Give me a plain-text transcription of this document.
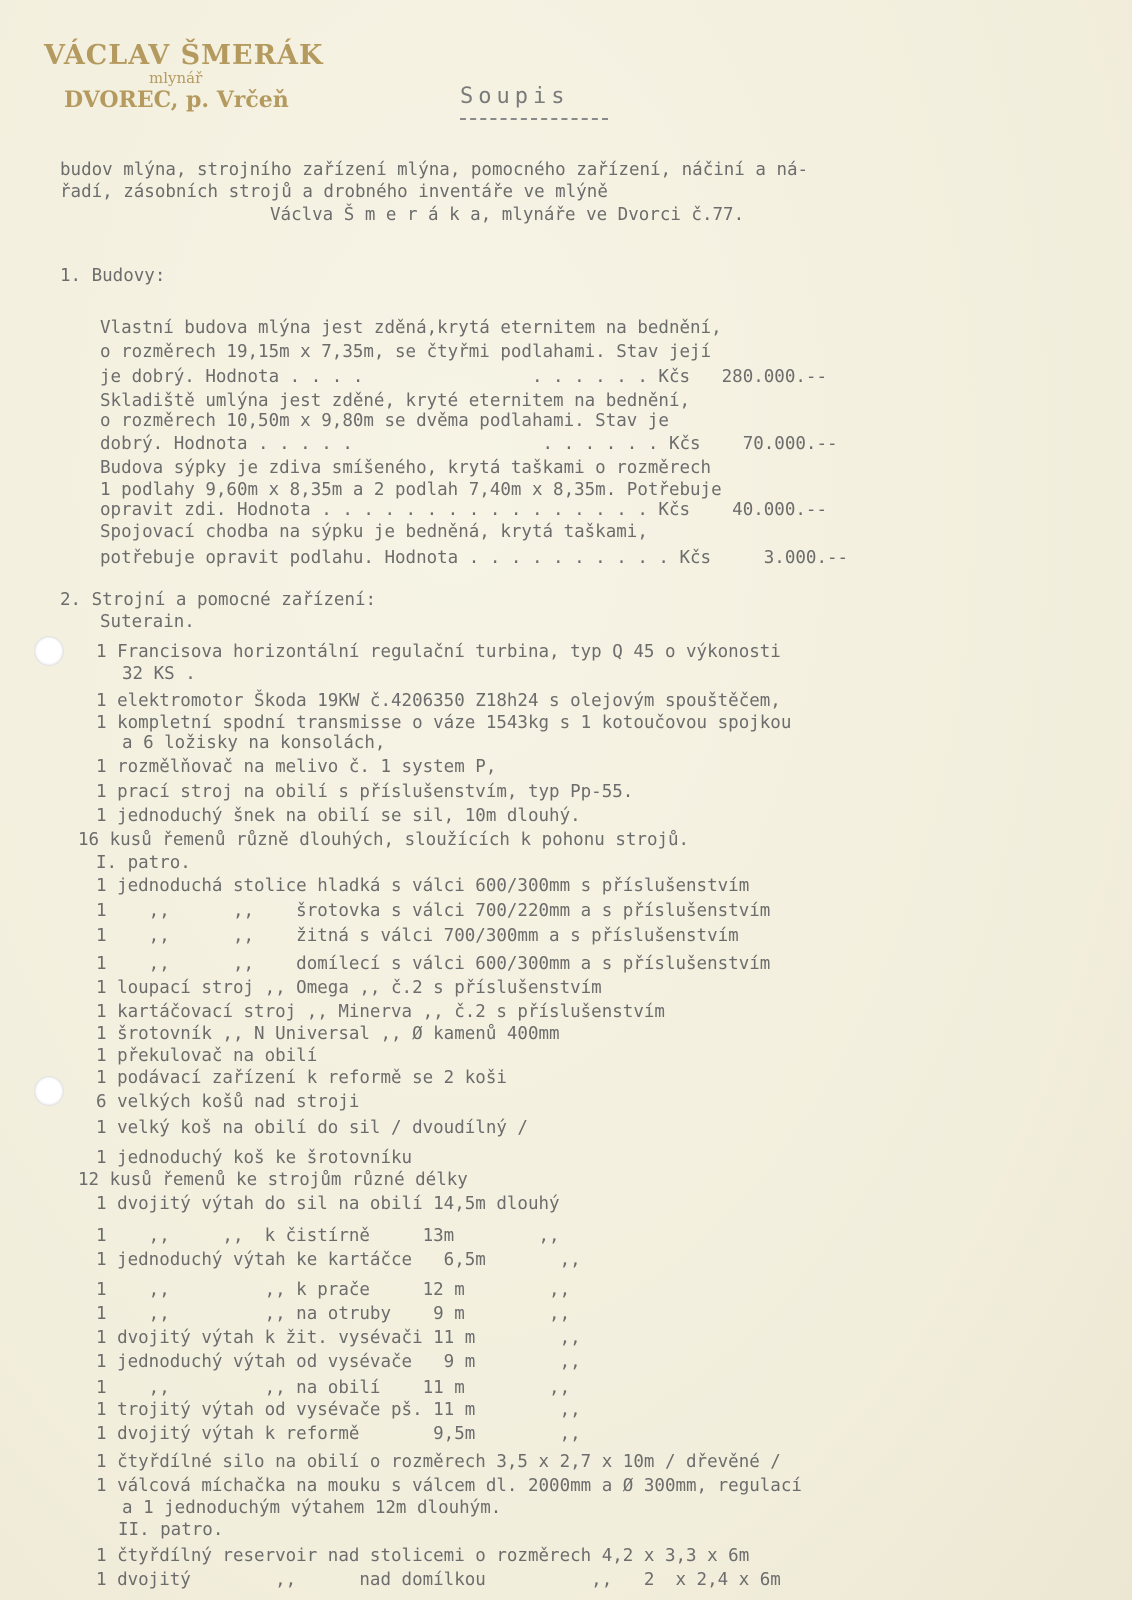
VÁCLAV ŠMERÁK
mlynář
DVOREC, p. Vrčeň	Soupis
budov mlýna, strojního zařízení mlýna, pomocného zařízení, náčiní a ná-
řadí, zásobních strojů a drobného inventáře ve mlýně
Václva Š m e r á k a, mlynáře ve Dvorci č.77.
1. Budovy:
Vlastní budova mlýna jest zděná,krytá eternitem na bednění,
o rozměrech 19,15m x 7,35m, se čtyřmi podlahami. Stav její
je dobrý. Hodnota . . . .                . . . . . . Kčs   280.000.--
Skladiště umlýna jest zděné, kryté eternitem na bednění,
o rozměrech 10,50m x 9,80m se dvěma podlahami. Stav je
dobrý. Hodnota . . . . .                  . . . . . . Kčs    70.000.--
Budova sýpky je zdiva smíšeného, krytá taškami o rozměrech
1 podlahy 9,60m x 8,35m a 2 podlah 7,40m x 8,35m. Potřebuje
opravit zdi. Hodnota . . . . . . . . . . . . . . . . Kčs    40.000.--
Spojovací chodba na sýpku je bedněná, krytá taškami,
potřebuje opravit podlahu. Hodnota . . . . . . . . . . Kčs     3.000.--
2. Strojní a pomocné zařízení:
Suterain.
1 Francisova horizontální regulační turbina, typ Q 45 o výkonosti
32 KS .
1 elektromotor Škoda 19KW č.4206350 Z18h24 s olejovým spouštěčem,
1 kompletní spodní transmisse o váze 1543kg s 1 kotoučovou spojkou
a 6 ložisky na konsolách,
1 rozmělňovač na melivo č. 1 system P,
1 prací stroj na obilí s příslušenstvím, typ Pp-55.
1 jednoduchý šnek na obilí se sil, 10m dlouhý.
16 kusů řemenů různě dlouhých, sloužících k pohonu strojů.
I. patro.
1 jednoduchá stolice hladká s válci 600/300mm s příslušenstvím
1    ,,      ,,    šrotovka s válci 700/220mm a s příslušenstvím
1    ,,      ,,    žitná s válci 700/300mm a s příslušenstvím
1    ,,      ,,    domílecí s válci 600/300mm a s příslušenstvím
1 loupací stroj ,, Omega ,, č.2 s příslušenstvím
1 kartáčovací stroj ,, Minerva ,, č.2 s příslušenstvím
1 šrotovník ,, N Universal ,, Ø kamenů 400mm
1 překulovač na obilí
1 podávací zařízení k reformě se 2 koši
6 velkých košů nad stroji
1 velký koš na obilí do sil / dvoudílný /
1 jednoduchý koš ke šrotovníku
12 kusů řemenů ke strojům různé délky
1 dvojitý výtah do sil na obilí 14,5m dlouhý
1    ,,     ,,  k čistírně     13m        ,,
1 jednoduchý výtah ke kartáčce   6,5m       ,,
1    ,,         ,, k prače     12 m        ,,
1    ,,         ,, na otruby    9 m        ,,
1 dvojitý výtah k žit. vysévači 11 m        ,,
1 jednoduchý výtah od vysévače   9 m        ,,
1    ,,         ,, na obilí    11 m        ,,
1 trojitý výtah od vysévače pš. 11 m        ,,
1 dvojitý výtah k reformě       9,5m        ,,
1 čtyřdílné silo na obilí o rozměrech 3,5 x 2,7 x 10m / dřevěné /
1 válcová míchačka na mouku s válcem dl. 2000mm a Ø 300mm, regulací
a 1 jednoduchým výtahem 12m dlouhým.
II. patro.
1 čtyřdílný reservoir nad stolicemi o rozměrech 4,2 x 3,3 x 6m
1 dvojitý        ,,      nad domílkou          ,,   2  x 2,4 x 6m
